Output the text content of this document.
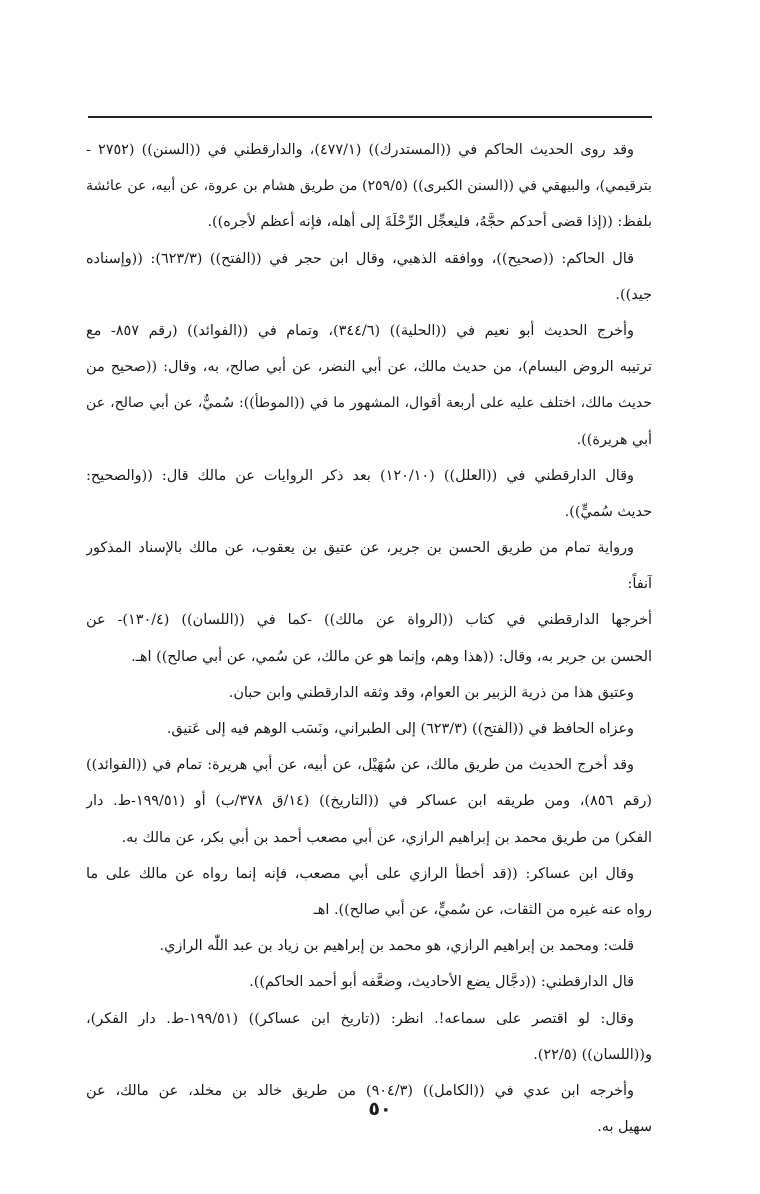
وقد روى الحديث الحاكم في ((المستدرك)) (٤٧٧/١)، والدارقطني في ((السنن)) (٢٧٥٢ -
بترقيمي)، والبيهقي في ((السنن الكبرى)) (٢٥٩/٥) من طريق هشام بن عروة، عن أبيه، عن عائشة
بلفظ: ((إذا قضى أحدكم حجَّهُ، فليعجِّل الرِّحْلَةَ إلى أهله، فإنه أعظم لأجره)).
قال الحاكم: ((صحيح))، ووافقه الذهبي، وقال ابن حجر في ((الفتح)) (٦٢٣/٣): ((وإسناده
جيد)).
وأخرج الحديث أبو نعيم في ((الحلية)) (٣٤٤/٦)، وتمام في ((الفوائد)) (رقم ٨٥٧- مع
ترتيبه الروض البسام)، من حديث مالك، عن أبي النضر، عن أبي صالح، به، وقال: ((صحيح من
حديث مالك، اختلف عليه على أربعة أقوال، المشهور ما في ((الموطأ)): سُميٌّ، عن أبي صالح، عن
أبي هريرة)).
وقال الدارقطني في ((العلل)) (١٢٠/١٠) بعد ذكر الروايات عن مالك قال: ((والصحيح:
حديث سُميٍّ)).
ورواية تمام من طريق الحسن بن جرير، عن عتيق بن يعقوب، عن مالك بالإسناد المذكور
آنفاً:
أخرجها الدارقطني في كتاب ((الرواة عن مالك)) -كما في ((اللسان)) (١٣٠/٤)- عن
الحسن بن جرير به، وقال: ((هذا وهم، وإنما هو عن مالك، عن سُمي، عن أبي صالح)) اهـ.
وعتيق هذا من ذرية الزبير بن العوام، وقد وثقه الدارقطني وابن حبان.
وعزاه الحافظ في ((الفتح)) (٦٢٣/٣) إلى الطبراني، ونَسَب الوهم فيه إلى عَتيق.
وقد أخرج الحديث من طريق مالك، عن سُهَيْل، عن أبيه، عن أبي هريرة: تمام في ((الفوائد))
(رقم ٨٥٦)، ومن طريقه ابن عساكر في ((التاريخ)) (١٤/ق ٣٧٨/ب) أو (١٩٩/٥١-ط. دار
الفكر) من طريق محمد بن إبراهيم الرازي، عن أبي مصعب أحمد بن أبي بكر، عن مالك به.
وقال ابن عساكر: ((قد أخطأ الرازي على أبي مصعب، فإنه إنما رواه عن مالك على ما
رواه عنه غيره من الثقات، عن سُميٍّ، عن أبي صالح)). اهـ
قلت: ومحمد بن إبراهيم الرازي، هو محمد بن إبراهيم بن زياد بن عبد اللّٰه الرازي.
قال الدارقطني: ((دجَّال يضع الأحاديث، وضعَّفه أبو أحمد الحاكم)).
وقال: لو اقتصر على سماعه!. انظر: ((تاريخ ابن عساكر)) (١٩٩/٥١-ط. دار الفكر)،
و((اللسان)) (٢٢/٥).
وأخرجه ابن عدي في ((الكامل)) (٩٠٤/٣) من طريق خالد بن مخلد، عن مالك، عن
سهيل به.
٥٠
